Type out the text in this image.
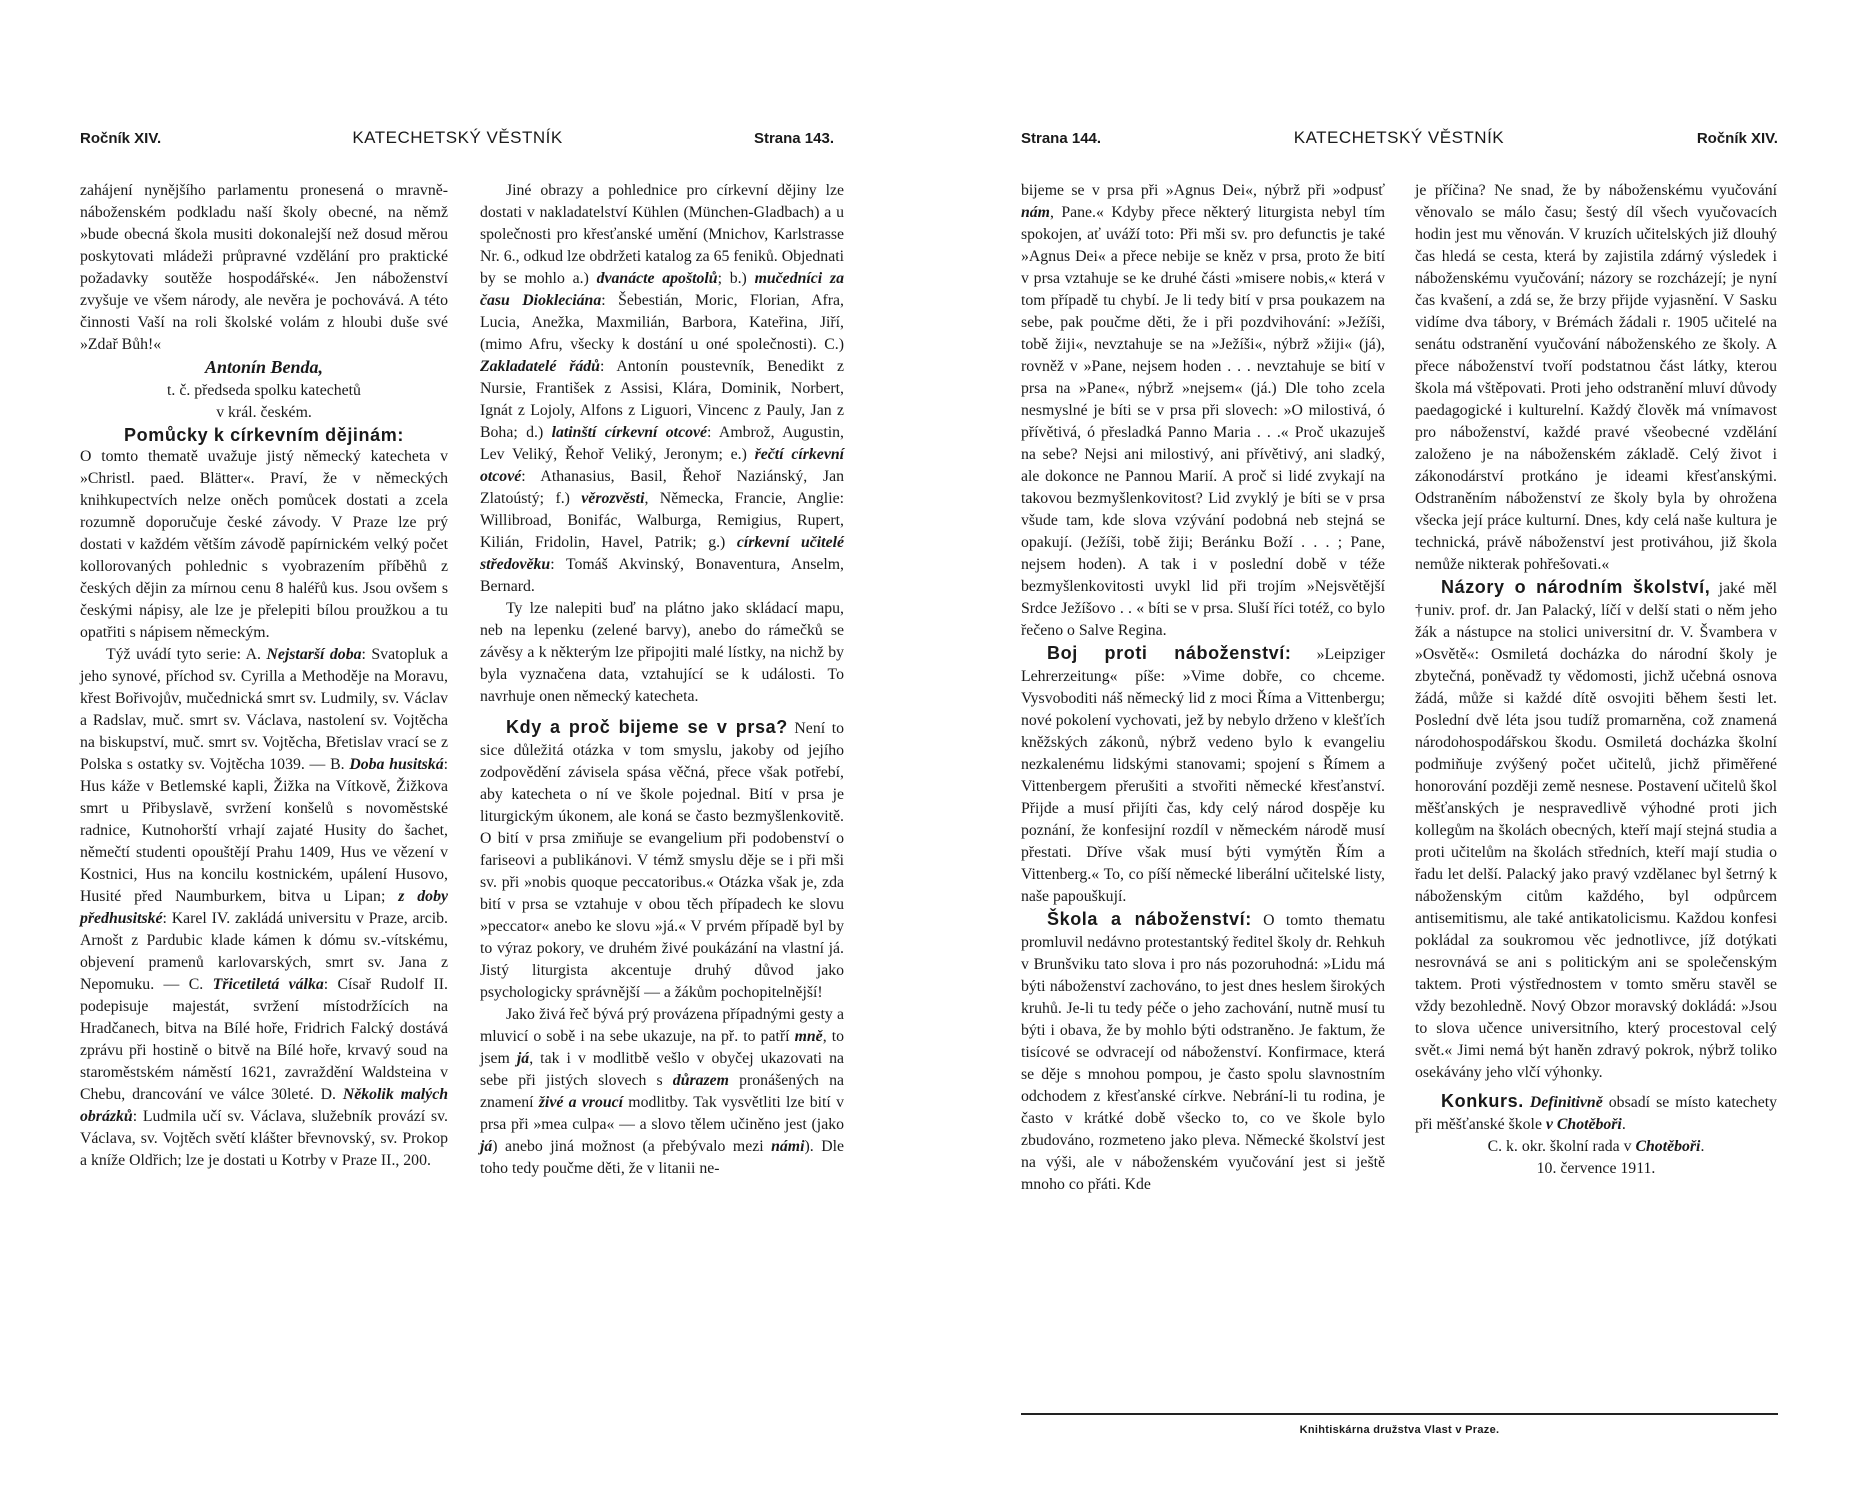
Ročník XIV.	KATECHETSKÝ VĚSTNÍK	Strana 143.

zahájení nynějšího parlamentu pronesená o mravně-náboženském podkladu naší školy obecné, na němž »bude obecná škola musiti dokonalejší než dosud měrou poskytovati mládeži průpravné vzdělání pro praktické požadavky soutěže hospodářské«. Jen náboženství zvyšuje ve všem národy, ale nevěra je pochovává. A této činnosti Vaší na roli školské volám z hloubi duše své »Zdař Bůh!«

Antonín Benda,

t. č. předseda spolku katechetů

v král. českém.

Pomůcky k církevním dějinám:

O tomto thematě uvažuje jistý německý katecheta v »Christl. paed. Blätter«. Praví, že v německých knihkupectvích nelze oněch pomůcek dostati a zcela rozumně doporučuje české závody. V Praze lze prý dostati v každém větším závodě papírnickém velký počet kollorovaných pohlednic s vyobrazením příběhů z českých dějin za mírnou cenu 8 haléřů kus. Jsou ovšem s českými nápisy, ale lze je přelepiti bílou proužkou a tu opatřiti s nápisem německým.

Týž uvádí tyto serie: A. Nejstarší doba: Svatopluk a jeho synové, příchod sv. Cyrilla a Methoděje na Moravu, křest Bořivojův, mučednická smrt sv. Ludmily, sv. Václav a Radslav, muč. smrt sv. Václava, nastolení sv. Vojtěcha na biskupství, muč. smrt sv. Vojtěcha, Břetislav vrací se z Polska s ostatky sv. Vojtěcha 1039. — B. Doba husitská: Hus káže v Betlemské kapli, Žižka na Vítkově, Žižkova smrt u Přibyslavě, svržení konšelů s novoměstské radnice, Kutnohorští vrhají zajaté Husity do šachet, němečtí studenti opouštějí Prahu 1409, Hus ve vězení v Kostnici, Hus na koncilu kostnickém, upálení Husovo, Husité před Naumburkem, bitva u Lipan; z doby předhusitské: Karel IV. zakládá universitu v Praze, arcib. Arnošt z Pardubic klade kámen k dómu sv.-vítskému, objevení pramenů karlovarských, smrt sv. Jana z Nepomuku. — C. Třicetiletá válka: Císař Rudolf II. podepisuje majestát, svržení místodržících na Hradčanech, bitva na Bílé hoře, Fridrich Falcký dostává zprávu při hostině o bitvě na Bílé hoře, krvavý soud na staroměstském náměstí 1621, zavraždění Waldsteina v Chebu, drancování ve válce 30leté. D. Několik malých obrázků: Ludmila učí sv. Václava, služebník provází sv. Václava, sv. Vojtěch světí klášter břevnovský, sv. Prokop a kníže Oldřich; lze je dostati u Kotrby v Praze II., 200.

Jiné obrazy a pohlednice pro církevní dějiny lze dostati v nakladatelství Kühlen (München-Gladbach) a u společnosti pro křesťanské umění (Mnichov, Karlstrasse Nr. 6., odkud lze obdržeti katalog za 65 feniků. Objednati by se mohlo a.) dvanácte apoštolů; b.) mučedníci za času Diokleciána: Šebestián, Moric, Florian, Afra, Lucia, Anežka, Maxmilián, Barbora, Kateřina, Jiří, (mimo Afru, všecky k dostání u oné společnosti). C.) Zakladatelé řádů: Antonín poustevník, Benedikt z Nursie, František z Assisi, Klára, Dominik, Norbert, Ignát z Lojoly, Alfons z Liguori, Vincenc z Pauly, Jan z Boha; d.) latinští církevní otcové: Ambrož, Augustin, Lev Veliký, Řehoř Veliký, Jeronym; e.) řečtí církevní otcové: Athanasius, Basil, Řehoř Naziánský, Jan Zlatoústý; f.) věrozvěsti, Německa, Francie, Anglie: Willibroad, Bonifác, Walburga, Remigius, Rupert, Kilián, Fridolin, Havel, Patrik; g.) církevní učitelé středověku: Tomáš Akvinský, Bonaventura, Anselm, Bernard.

Ty lze nalepiti buď na plátno jako skládací mapu, neb na lepenku (zelené barvy), anebo do rámečků se závěsy a k některým lze připojiti malé lístky, na nichž by byla vyznačena data, vztahující se k události. To navrhuje onen německý katecheta.

Kdy a proč bijeme se v prsa? Není to sice důležitá otázka v tom smyslu, jakoby od jejího zodpovědění závisela spása věčná, přece však potřebí, aby katecheta o ní ve škole pojednal. Bití v prsa je liturgickým úkonem, ale koná se často bezmyšlenkovitě. O bití v prsa zmiňuje se evangelium při podobenství o fariseovi a publikánovi. V témž smyslu děje se i při mši sv. při »nobis quoque peccatoribus.« Otázka však je, zda bití v prsa se vztahuje v obou těch případech ke slovu »peccator« anebo ke slovu »já.« V prvém případě byl by to výraz pokory, ve druhém živé poukázání na vlastní já. Jistý liturgista akcentuje druhý důvod jako psychologicky správnější — a žákům pochopitelnější!

Jako živá řeč bývá prý provázena případnými gesty a mluvicí o sobě i na sebe ukazuje, na př. to patří mně, to jsem já, tak i v modlitbě vešlo v obyčej ukazovati na sebe při jistých slovech s důrazem pronášených na znamení živé a vroucí modlitby. Tak vysvětliti lze bití v prsa při »mea culpa« — a slovo tělem učiněno jest (jako já) anebo jiná možnost (a přebývalo mezi námi). Dle toho tedy poučme děti, že v litanii ne-

Strana 144.	KATECHETSKÝ VĚSTNÍK	Ročník XIV.

bijeme se v prsa při »Agnus Dei«, nýbrž při »odpusť nám, Pane.« Kdyby přece některý liturgista nebyl tím spokojen, ať uváží toto: Při mši sv. pro defunctis je také »Agnus Dei« a přece nebije se kněz v prsa, proto že bití v prsa vztahuje se ke druhé části »misere nobis,« která v tom případě tu chybí. Je li tedy bití v prsa poukazem na sebe, pak poučme děti, že i při pozdvihování: »Ježíši, tobě žiji«, nevztahuje se na »Ježíši«, nýbrž »žiji« (já), rovněž v »Pane, nejsem hoden . . . nevztahuje se bití v prsa na »Pane«, nýbrž »nejsem« (já.) Dle toho zcela nesmyslné je bíti se v prsa při slovech: »O milostivá, ó přívětivá, ó přesladká Panno Maria . . .« Proč ukazuješ na sebe? Nejsi ani milostivý, ani přívětivý, ani sladký, ale dokonce ne Pannou Marií. A proč si lidé zvykají na takovou bezmyšlenkovitost? Lid zvyklý je bíti se v prsa všude tam, kde slova vzývání podobná neb stejná se opakují. (Ježíši, tobě žiji; Beránku Boží . . . ; Pane, nejsem hoden). A tak i v poslední době v téže bezmyšlenkovitosti uvykl lid při trojím »Nejsvětější Srdce Ježíšovo . . « bíti se v prsa. Sluší říci totéž, co bylo řečeno o Salve Regina.

Boj proti náboženství: »Leipziger Lehrerzeitung« píše: »Vime dobře, co chceme. Vysvoboditi náš německý lid z moci Říma a Vittenbergu; nové pokolení vychovati, jež by nebylo drženo v klešťích kněžských zákonů, nýbrž vedeno bylo k evangeliu nezkalenému lidskými stanovami; spojení s Římem a Vittenbergem přerušiti a stvořiti německé křesťanství. Přijde a musí přijíti čas, kdy celý národ dospěje ku poznání, že konfesijní rozdíl v německém národě musí přestati. Dříve však musí býti vymýtěn Řím a Vittenberg.« To, co píší německé liberální učitelské listy, naše papouškují.

Škola a náboženství: O tomto thematu promluvil nedávno protestantský ředitel školy dr. Rehkuh v Brunšviku tato slova i pro nás pozoruhodná: »Lidu má býti náboženství zachováno, to jest dnes heslem širokých kruhů. Je-li tu tedy péče o jeho zachování, nutně musí tu býti i obava, že by mohlo býti odstraněno. Je faktum, že tisícové se odvracejí od náboženství. Konfirmace, která se děje s mnohou pompou, je často spolu slavnostním odchodem z křesťanské církve. Nebrání-li tu rodina, je často v krátké době všecko to, co ve škole bylo zbudováno, rozmeteno jako pleva. Německé školství jest na výši, ale v náboženském vyučování jest si ještě mnoho co přáti. Kde

je příčina? Ne snad, že by náboženskému vyučování věnovalo se málo času; šestý díl všech vyučovacích hodin jest mu věnován. V kruzích učitelských již dlouhý čas hledá se cesta, která by zajistila zdárný výsledek i náboženskému vyučování; názory se rozcházejí; je nyní čas kvašení, a zdá se, že brzy přijde vyjasnění. V Sasku vidíme dva tábory, v Brémách žádali r. 1905 učitelé na senátu odstranění vyučování náboženského ze školy. A přece náboženství tvoří podstatnou část látky, kterou škola má vštěpovati. Proti jeho odstranění mluví důvody paedagogické i kulturelní. Každý člověk má vnímavost pro náboženství, každé pravé všeobecné vzdělání založeno je na náboženském základě. Celý život i zákonodárství protkáno je ideami křesťanskými. Odstraněním náboženství ze školy byla by ohrožena všecka její práce kulturní. Dnes, kdy celá naše kultura je technická, právě náboženství jest protiváhou, již škola nemůže nikterak pohřešovati.«

Názory o národním školství, jaké měl †univ. prof. dr. Jan Palacký, líčí v delší stati o něm jeho žák a nástupce na stolici universitní dr. V. Švambera v »Osvětě«: Osmiletá docházka do národní školy je zbytečná, poněvadž ty vědomosti, jichž učebná osnova žádá, může si každé dítě osvojiti během šesti let. Poslední dvě léta jsou tudíž promarněna, což znamená národohospodářskou škodu. Osmiletá docházka školní podmiňuje zvýšený počet učitelů, jichž přiměřené honorování později země nesnese. Postavení učitelů škol měšťanských je nespravedlivě výhodné proti jich kollegům na školách obecných, kteří mají stejná studia a proti učitelům na školách středních, kteří mají studia o řadu let delší. Palacký jako pravý vzdělanec byl šetrný k náboženským citům každého, byl odpůrcem antisemitismu, ale také antikatolicismu. Každou konfesi pokládal za soukromou věc jednotlivce, jíž dotýkati nesrovnává se ani s politickým ani se společenským taktem. Proti výstřednostem v tomto směru stavěl se vždy bezohledně. Nový Obzor moravský dokládá: »Jsou to slova učence universitního, který procestoval celý svět.« Jimi nemá být haněn zdravý pokrok, nýbrž toliko osekávány jeho vlčí výhonky.

Konkurs. Definitivně obsadí se místo katechety při měšťanské škole v Chotěboři.

C. k. okr. školní rada v Chotěboři.

10. července 1911.

Knihtiskárna družstva Vlast v Praze.
